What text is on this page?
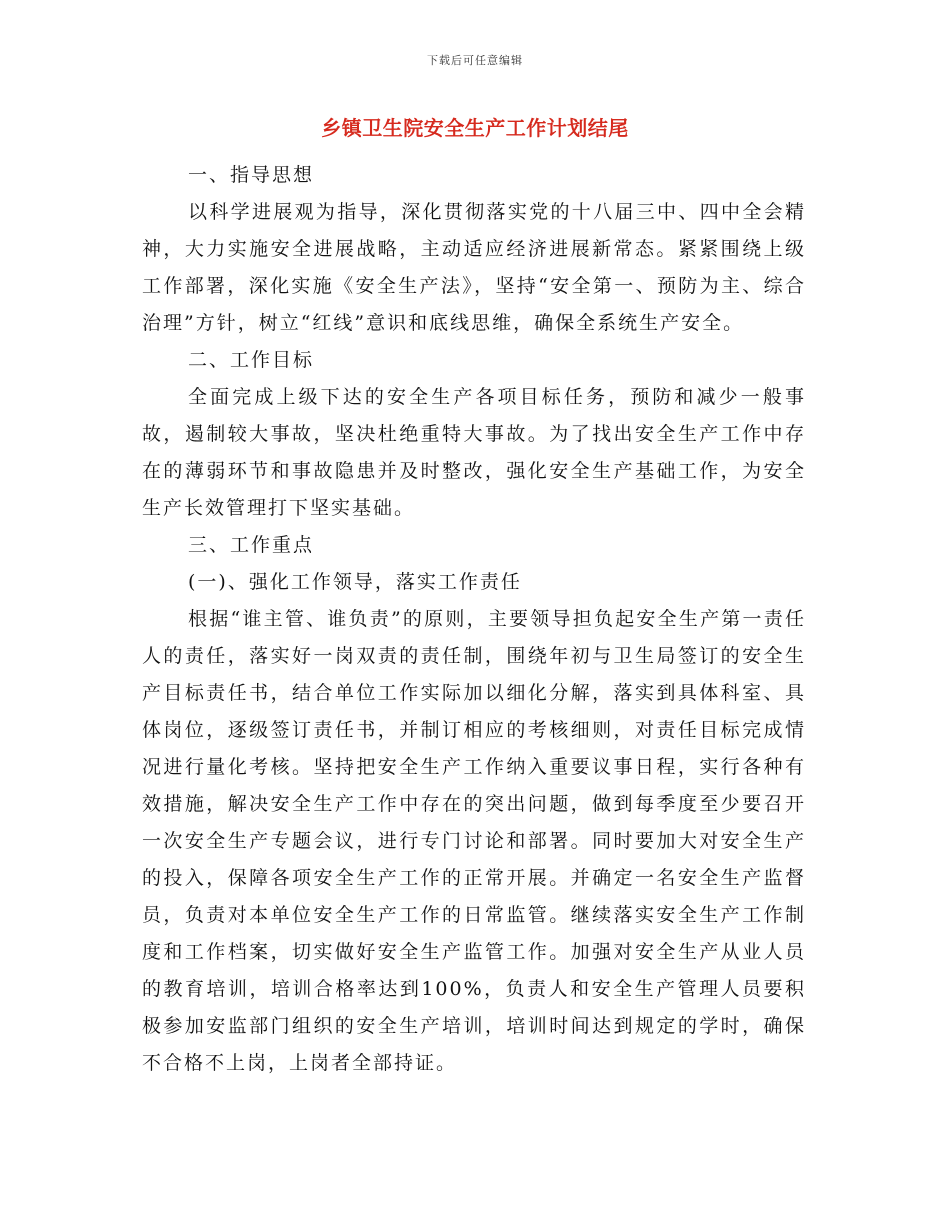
下载后可任意编辑
乡镇卫生院安全生产工作计划结尾

一、指导思想

以科学进展观为指导，深化贯彻落实党的十八届三中、四中全会精神，大力实施安全进展战略，主动适应经济进展新常态。紧紧围绕上级工作部署，深化实施《安全生产法》，坚持“安全第一、预防为主、综合治理”方针，树立“红线”意识和底线思维，确保全系统生产安全。

二、工作目标

全面完成上级下达的安全生产各项目标任务，预防和减少一般事故，遏制较大事故，坚决杜绝重特大事故。为了找出安全生产工作中存在的薄弱环节和事故隐患并及时整改，强化安全生产基础工作，为安全生产长效管理打下坚实基础。

三、工作重点

(一)、强化工作领导，落实工作责任

根据“谁主管、谁负责”的原则，主要领导担负起安全生产第一责任人的责任，落实好一岗双责的责任制，围绕年初与卫生局签订的安全生产目标责任书，结合单位工作实际加以细化分解，落实到具体科室、具体岗位，逐级签订责任书，并制订相应的考核细则，对责任目标完成情况进行量化考核。坚持把安全生产工作纳入重要议事日程，实行各种有效措施，解决安全生产工作中存在的突出问题，做到每季度至少要召开一次安全生产专题会议，进行专门讨论和部署。同时要加大对安全生产的投入，保障各项安全生产工作的正常开展。并确定一名安全生产监督员，负责对本单位安全生产工作的日常监管。继续落实安全生产工作制度和工作档案，切实做好安全生产监管工作。加强对安全生产从业人员的教育培训，培训合格率达到100%，负责人和安全生产管理人员要积极参加安监部门组织的安全生产培训，培训时间达到规定的学时，确保不合格不上岗，上岗者全部持证。
